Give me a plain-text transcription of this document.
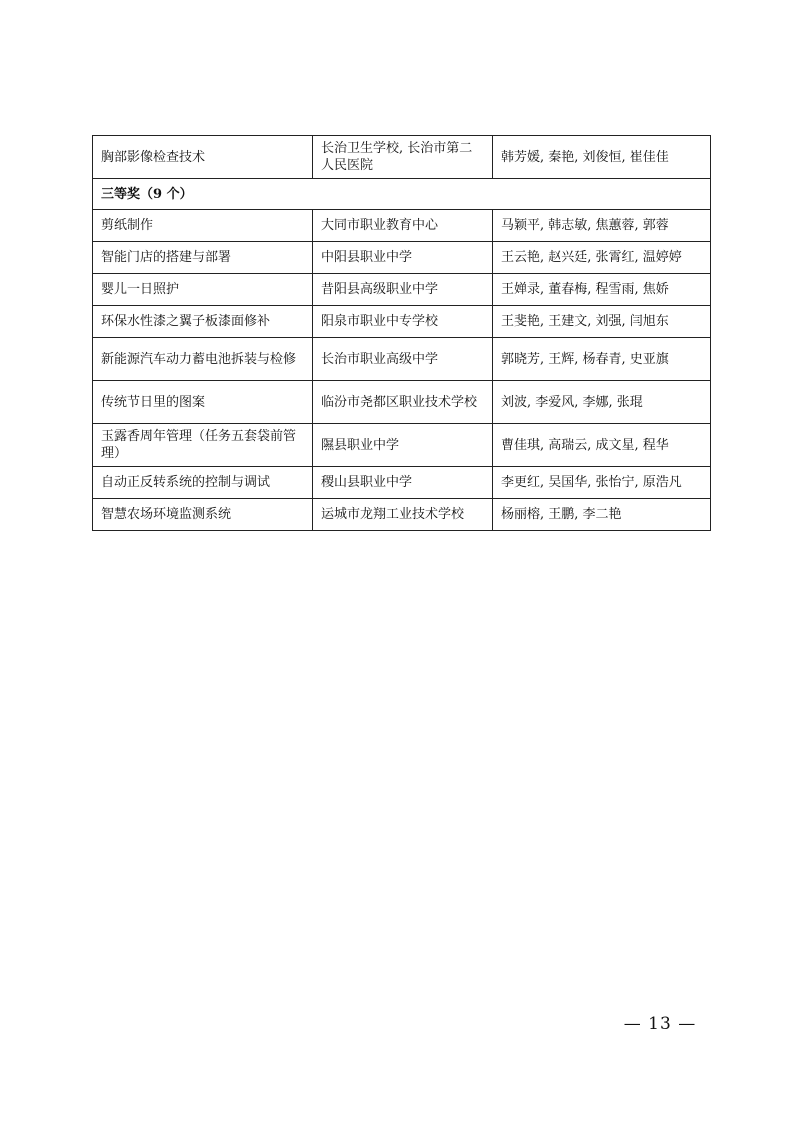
胸部影像检查技术	长治卫生学校, 长治市第二人民医院	韩芳媛, 秦艳, 刘俊恒, 崔佳佳
三等奖（9 个）		
剪纸制作	大同市职业教育中心	马颖平, 韩志敏, 焦蕙蓉, 郭蓉
智能门店的搭建与部署	中阳县职业中学	王云艳, 赵兴廷, 张霄红, 温婷婷
婴儿一日照护	昔阳县高级职业中学	王婵录, 董春梅, 程雪雨, 焦娇
环保水性漆之翼子板漆面修补	阳泉市职业中专学校	王斐艳, 王建文, 刘强, 闫旭东
新能源汽车动力蓄电池拆装与检修	长治市职业高级中学	郭晓芳, 王辉, 杨春青, 史亚旗
传统节日里的图案	临汾市尧都区职业技术学校	刘波, 李爱风, 李娜, 张琨
玉露香周年管理（任务五套袋前管理）	隰县职业中学	曹佳琪, 高瑞云, 成文星, 程华
自动正反转系统的控制与调试	稷山县职业中学	李更红, 吴国华, 张怡宁, 原浩凡
智慧农场环境监测系统	运城市龙翔工业技术学校	杨丽榕, 王鹏, 李二艳
— 13 —
